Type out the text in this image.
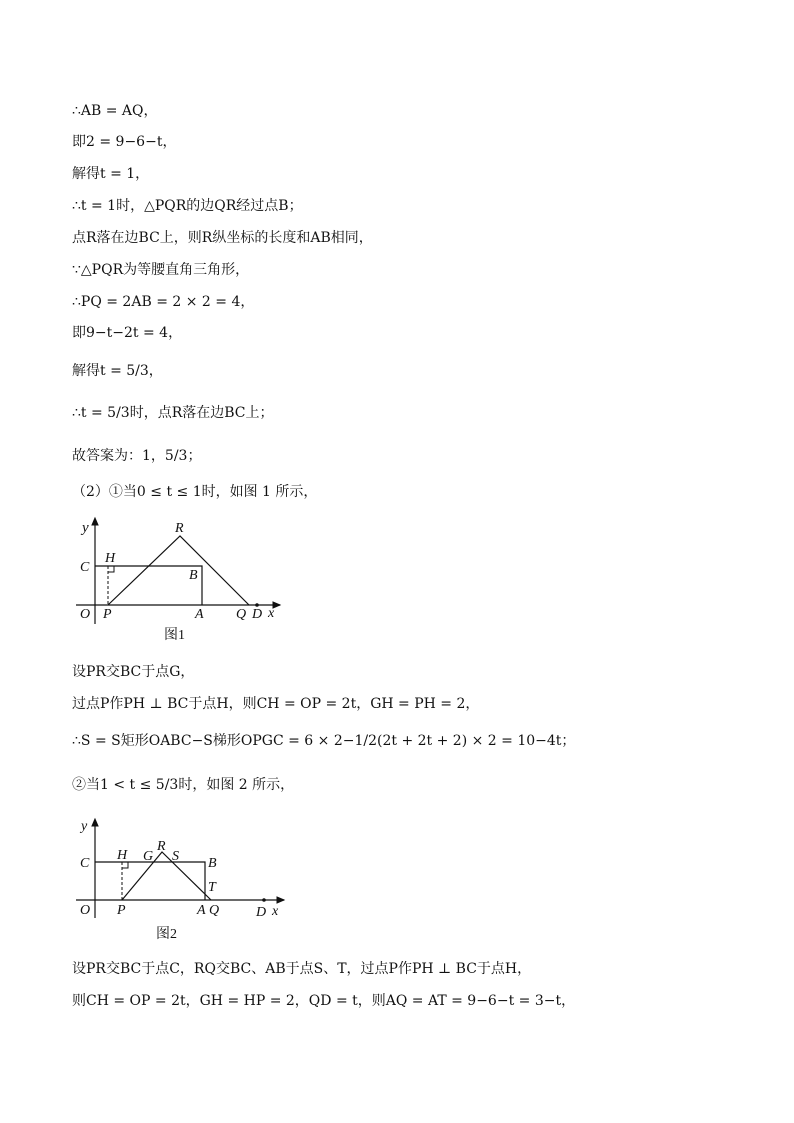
∴AB = AQ，
即2 = 9−6−t，
解得t = 1，
∴t = 1时，△PQR的边QR经过点B；
点R落在边BC上，则R纵坐标的长度和AB相同，
∵△PQR为等腰直角三角形，
∴PQ = 2AB = 2 × 2 = 4，
即9−t−2t = 4，
解得t = 5/3，
∴t = 5/3时，点R落在边BC上；
故答案为：1，5/3；
（2）①当0 ≤ t ≤ 1时，如图 1 所示，
y
C
H
O P	A
B
R
Q D x
图1
设PR交BC于点G，
过点P作PH ⊥ BC于点H，则CH = OP = 2t，GH = PH = 2，
∴S = S矩形OABC−S梯形OPGC = 6 × 2−1/2(2t + 2t + 2) × 2 = 10−4t；
②当1 < t ≤ 5/3时，如图 2 所示，
y
C
H G
R
S B
T
O P	A Q	D x
图2
设PR交BC于点C，RQ交BC、AB于点S、T，过点P作PH ⊥ BC于点H，
则CH = OP = 2t，GH = HP = 2，QD = t，则AQ = AT = 9−6−t = 3−t，
